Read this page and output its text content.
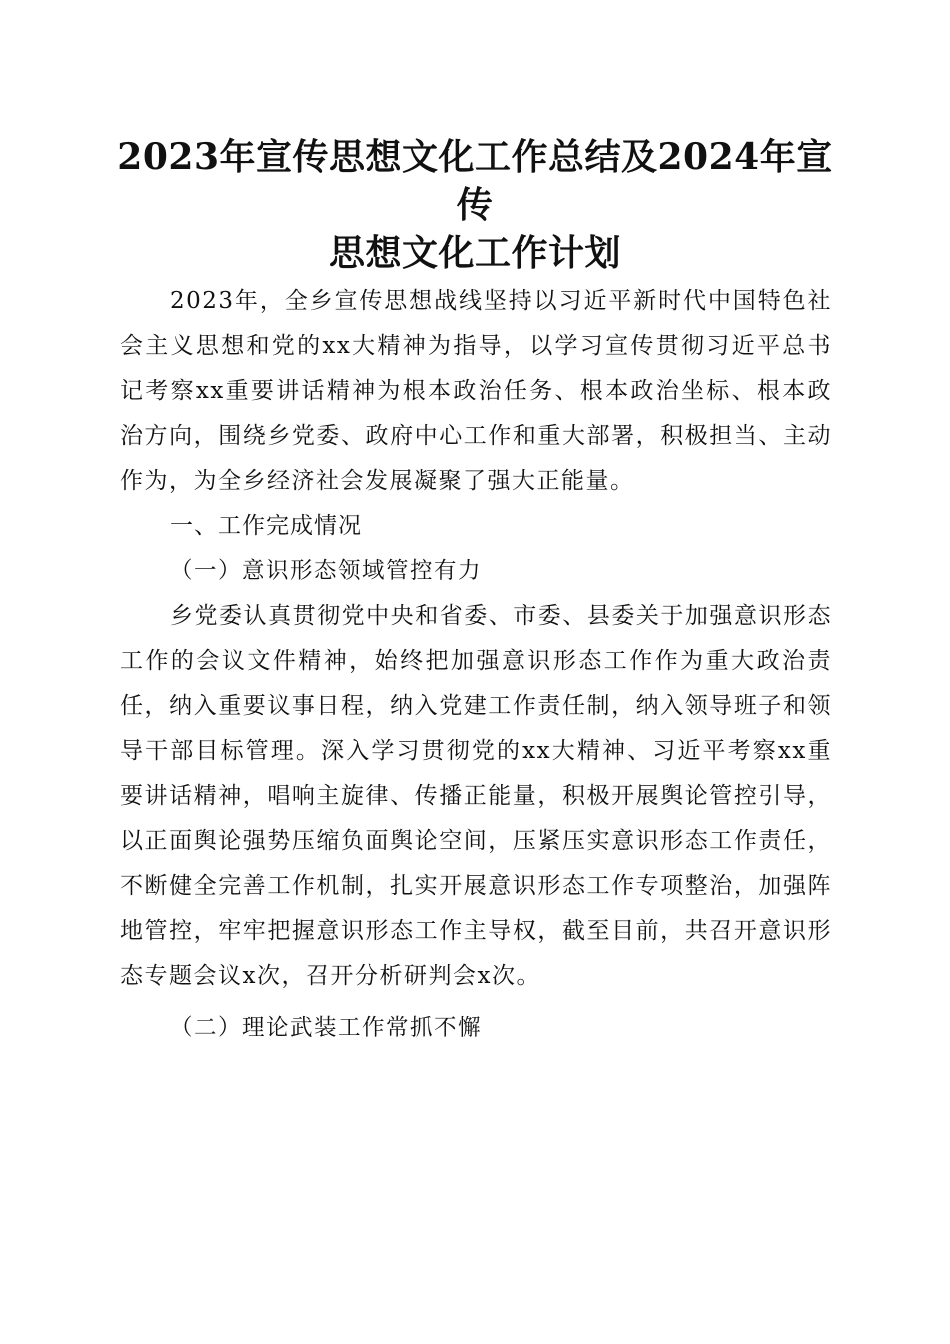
2023年宣传思想文化工作总结及2024年宣传
思想文化工作计划

2023年，全乡宣传思想战线坚持以习近平新时代中国特色社会主义思想和党的xx大精神为指导，以学习宣传贯彻习近平总书记考察xx重要讲话精神为根本政治任务、根本政治坐标、根本政治方向，围绕乡党委、政府中心工作和重大部署，积极担当、主动作为，为全乡经济社会发展凝聚了强大正能量。

一、工作完成情况

（一）意识形态领域管控有力

乡党委认真贯彻党中央和省委、市委、县委关于加强意识形态工作的会议文件精神，始终把加强意识形态工作作为重大政治责任，纳入重要议事日程，纳入党建工作责任制，纳入领导班子和领导干部目标管理。深入学习贯彻党的xx大精神、习近平考察xx重要讲话精神，唱响主旋律、传播正能量，积极开展舆论管控引导，以正面舆论强势压缩负面舆论空间，压紧压实意识形态工作责任，不断健全完善工作机制，扎实开展意识形态工作专项整治，加强阵地管控，牢牢把握意识形态工作主导权，截至目前，共召开意识形态专题会议x次，召开分析研判会x次。

（二）理论武装工作常抓不懈
